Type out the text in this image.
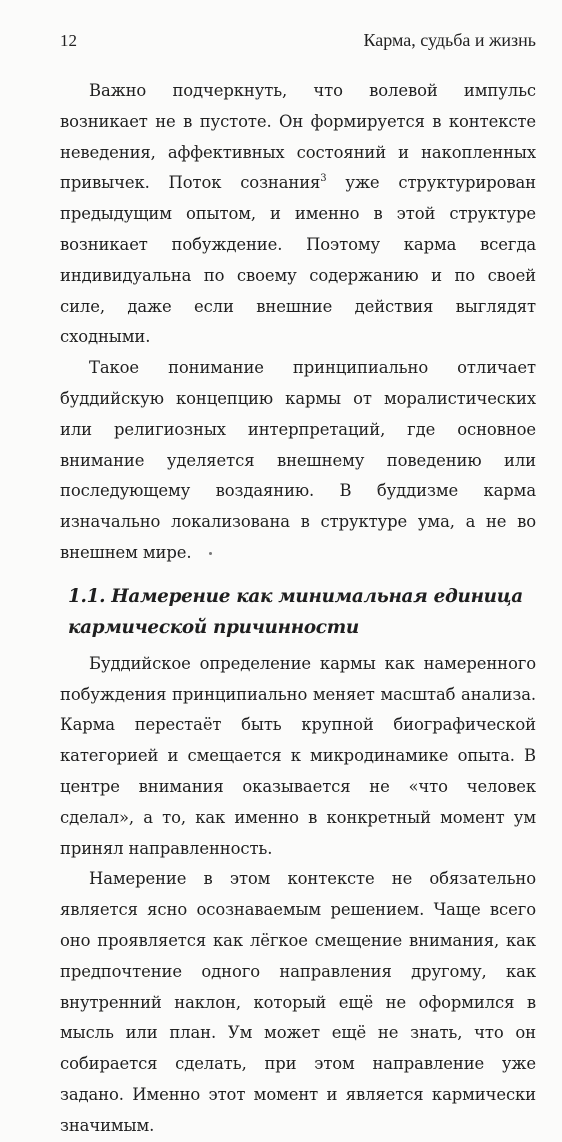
12	Карма, судьба и жизнь

Важно подчеркнуть, что волевой импульс возникает не в пустоте. Он формируется в контексте неведения, аффективных состояний и накопленных привычек. Поток сознания$^3$ уже структурирован предыдущим опытом, и именно в этой структуре возникает побуждение. Поэтому карма всегда индивидуальна по своему содержанию и по своей силе, даже если внешние действия выглядят сходными.

Такое понимание принципиально отличает буддийскую концепцию кармы от моралистических или религиозных интерпретаций, где основное внимание уделяется внешнему поведению или последующему воздаянию. В буддизме карма изначально локализована в структуре ума, а не во внешнем мире.

1.1. Намерение как минимальная единица кармической причинности

Буддийское определение кармы как намеренного побуждения принципиально меняет масштаб анализа. Карма перестаёт быть крупной биографической категорией и смещается к микродинамике опыта. В центре внимания оказывается не «что человек сделал», а то, как именно в конкретный момент ум принял направленность.

Намерение в этом контексте не обязательно является ясно осознаваемым решением. Чаще всего оно проявляется как лёгкое смещение внимания, как предпочтение одного направления другому, как внутренний наклон, который ещё не оформился в мысль или план. Ум может ещё не знать, что он собирается сделать, при этом направление уже задано. Именно этот момент и является кармически значимым.
